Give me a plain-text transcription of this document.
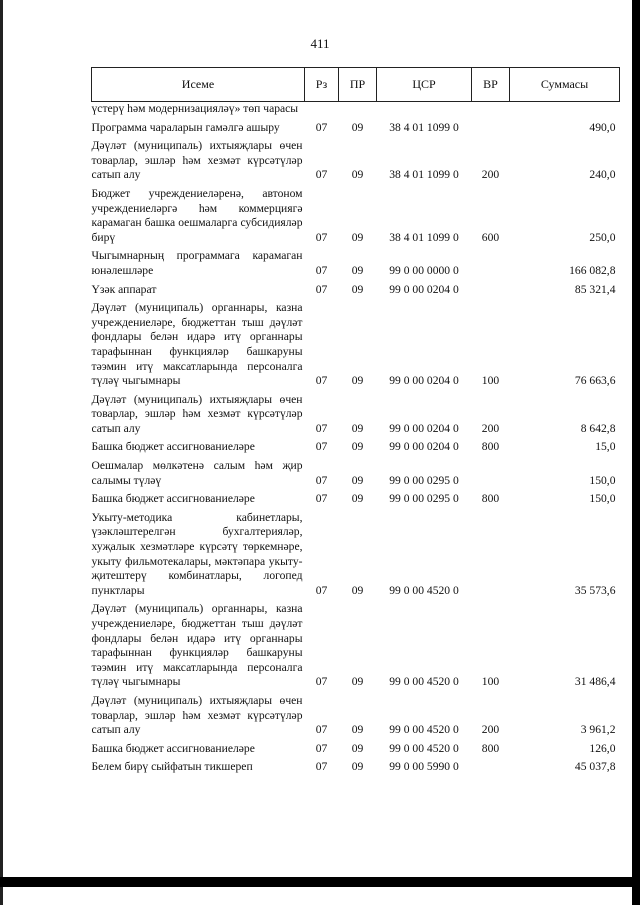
411
Исеме	Рз	ПР	ЦСР	ВР	Суммасы
үстерү һәм модернизацияләү» төп чарасы					

Программа чараларын гамәлгә ашыру	07	09	38 4 01 1099 0		490,0

Дәүләт (муниципаль) ихтыяҗлары өчен товарлар, эшләр һәм хезмәт күрсәтүләр сатып алу	07	09	38 4 01 1099 0	200	240,0

Бюджет учреждениеләренә, автоном учреждениеләргә һәм коммерциягә карамаган башка оешмаларга субсидияләр бирү	07	09	38 4 01 1099 0	600	250,0

Чыгымнарның программага карамаган юнәлешләре	07	09	99 0 00 0000 0		166 082,8

Үзәк аппарат	07	09	99 0 00 0204 0		85 321,4

Дәүләт (муниципаль) органнары, казна учреждениеләре, бюджеттан тыш дәүләт фондлары белән идарә итү органнары тарафыннан функцияләр башкаруны тәэмин итү максатларында персоналга түләү чыгымнары	07	09	99 0 00 0204 0	100	76 663,6

Дәүләт (муниципаль) ихтыяҗлары өчен товарлар, эшләр һәм хезмәт күрсәтүләр сатып алу	07	09	99 0 00 0204 0	200	8 642,8

Башка бюджет ассигнованиеләре	07	09	99 0 00 0204 0	800	15,0

Оешмалар мөлкәтенә салым һәм җир салымы түләү	07	09	99 0 00 0295 0		150,0

Башка бюджет ассигнованиеләре	07	09	99 0 00 0295 0	800	150,0

Укыту-методика кабинетлары, үзәкләштерелгән бухгалтерияләр, хуҗалык хезмәтләре күрсәтү төркемнәре, укыту фильмотекалары, мәктәпара укыту-җитештерү комбинатлары, логопед пунктлары	07	09	99 0 00 4520 0		35 573,6

Дәүләт (муниципаль) органнары, казна учреждениеләре, бюджеттан тыш дәүләт фондлары белән идарә итү органнары тарафыннан функцияләр башкаруны тәэмин итү максатларында персоналга түләү чыгымнары	07	09	99 0 00 4520 0	100	31 486,4

Дәүләт (муниципаль) ихтыяҗлары өчен товарлар, эшләр һәм хезмәт күрсәтүләр сатып алу	07	09	99 0 00 4520 0	200	3 961,2

Башка бюджет ассигнованиеләре	07	09	99 0 00 4520 0	800	126,0

Белем бирү сыйфатын тикшереп	07	09	99 0 00 5990 0		45 037,8
